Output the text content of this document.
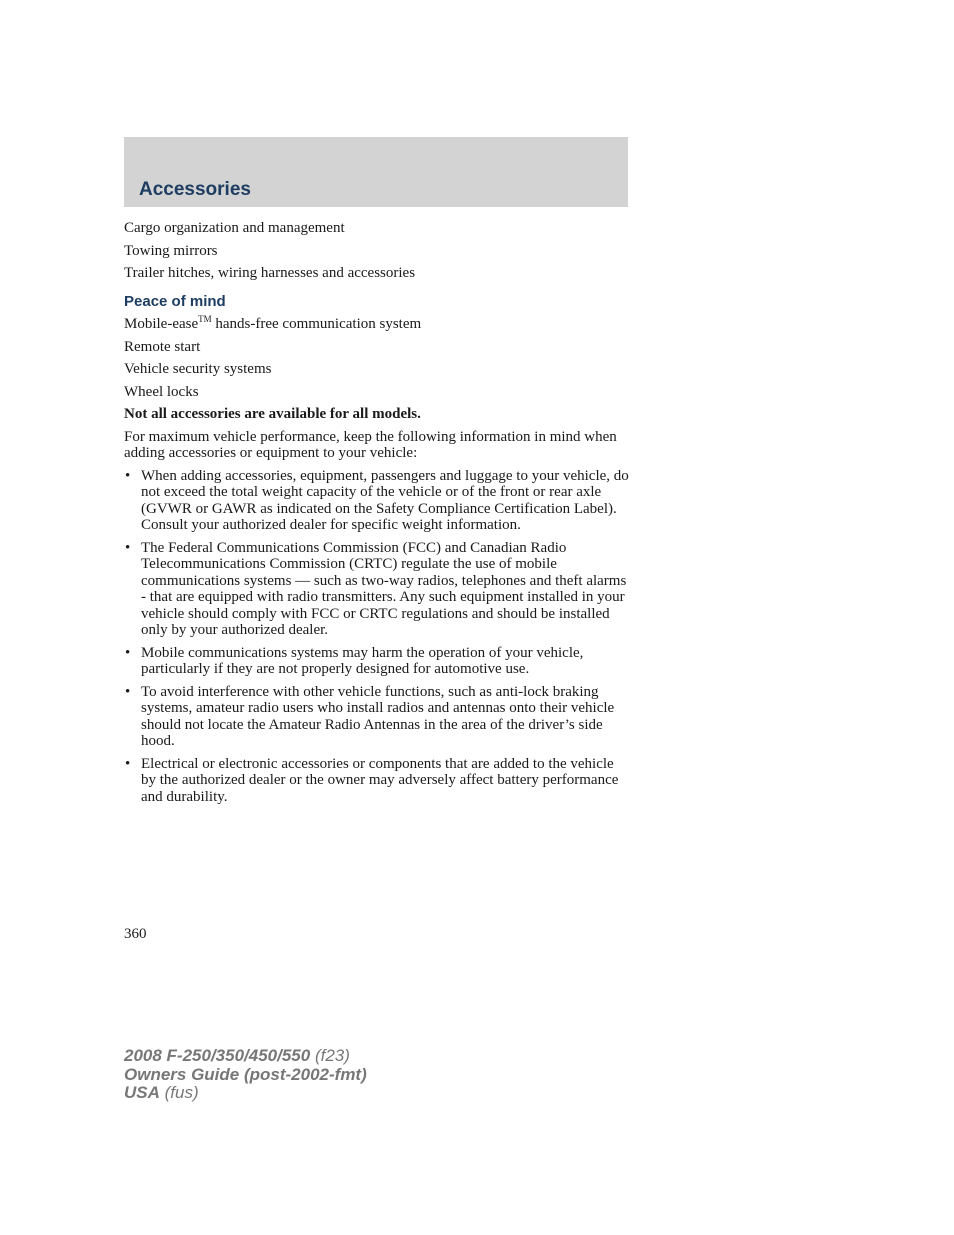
Accessories
Cargo organization and management
Towing mirrors
Trailer hitches, wiring harnesses and accessories
Peace of mind
Mobile-ease™ hands-free communication system
Remote start
Vehicle security systems
Wheel locks
Not all accessories are available for all models.
For maximum vehicle performance, keep the following information in mind when adding accessories or equipment to your vehicle:
• When adding accessories, equipment, passengers and luggage to your vehicle, do not exceed the total weight capacity of the vehicle or of the front or rear axle (GVWR or GAWR as indicated on the Safety Compliance Certification Label). Consult your authorized dealer for specific weight information.
• The Federal Communications Commission (FCC) and Canadian Radio Telecommunications Commission (CRTC) regulate the use of mobile communications systems — such as two-way radios, telephones and theft alarms - that are equipped with radio transmitters. Any such equipment installed in your vehicle should comply with FCC or CRTC regulations and should be installed only by your authorized dealer.
• Mobile communications systems may harm the operation of your vehicle, particularly if they are not properly designed for automotive use.
• To avoid interference with other vehicle functions, such as anti-lock braking systems, amateur radio users who install radios and antennas onto their vehicle should not locate the Amateur Radio Antennas in the area of the driver’s side hood.
• Electrical or electronic accessories or components that are added to the vehicle by the authorized dealer or the owner may adversely affect battery performance and durability.
360
2008 F-250/350/450/550 (f23)
Owners Guide (post-2002-fmt)
USA (fus)
